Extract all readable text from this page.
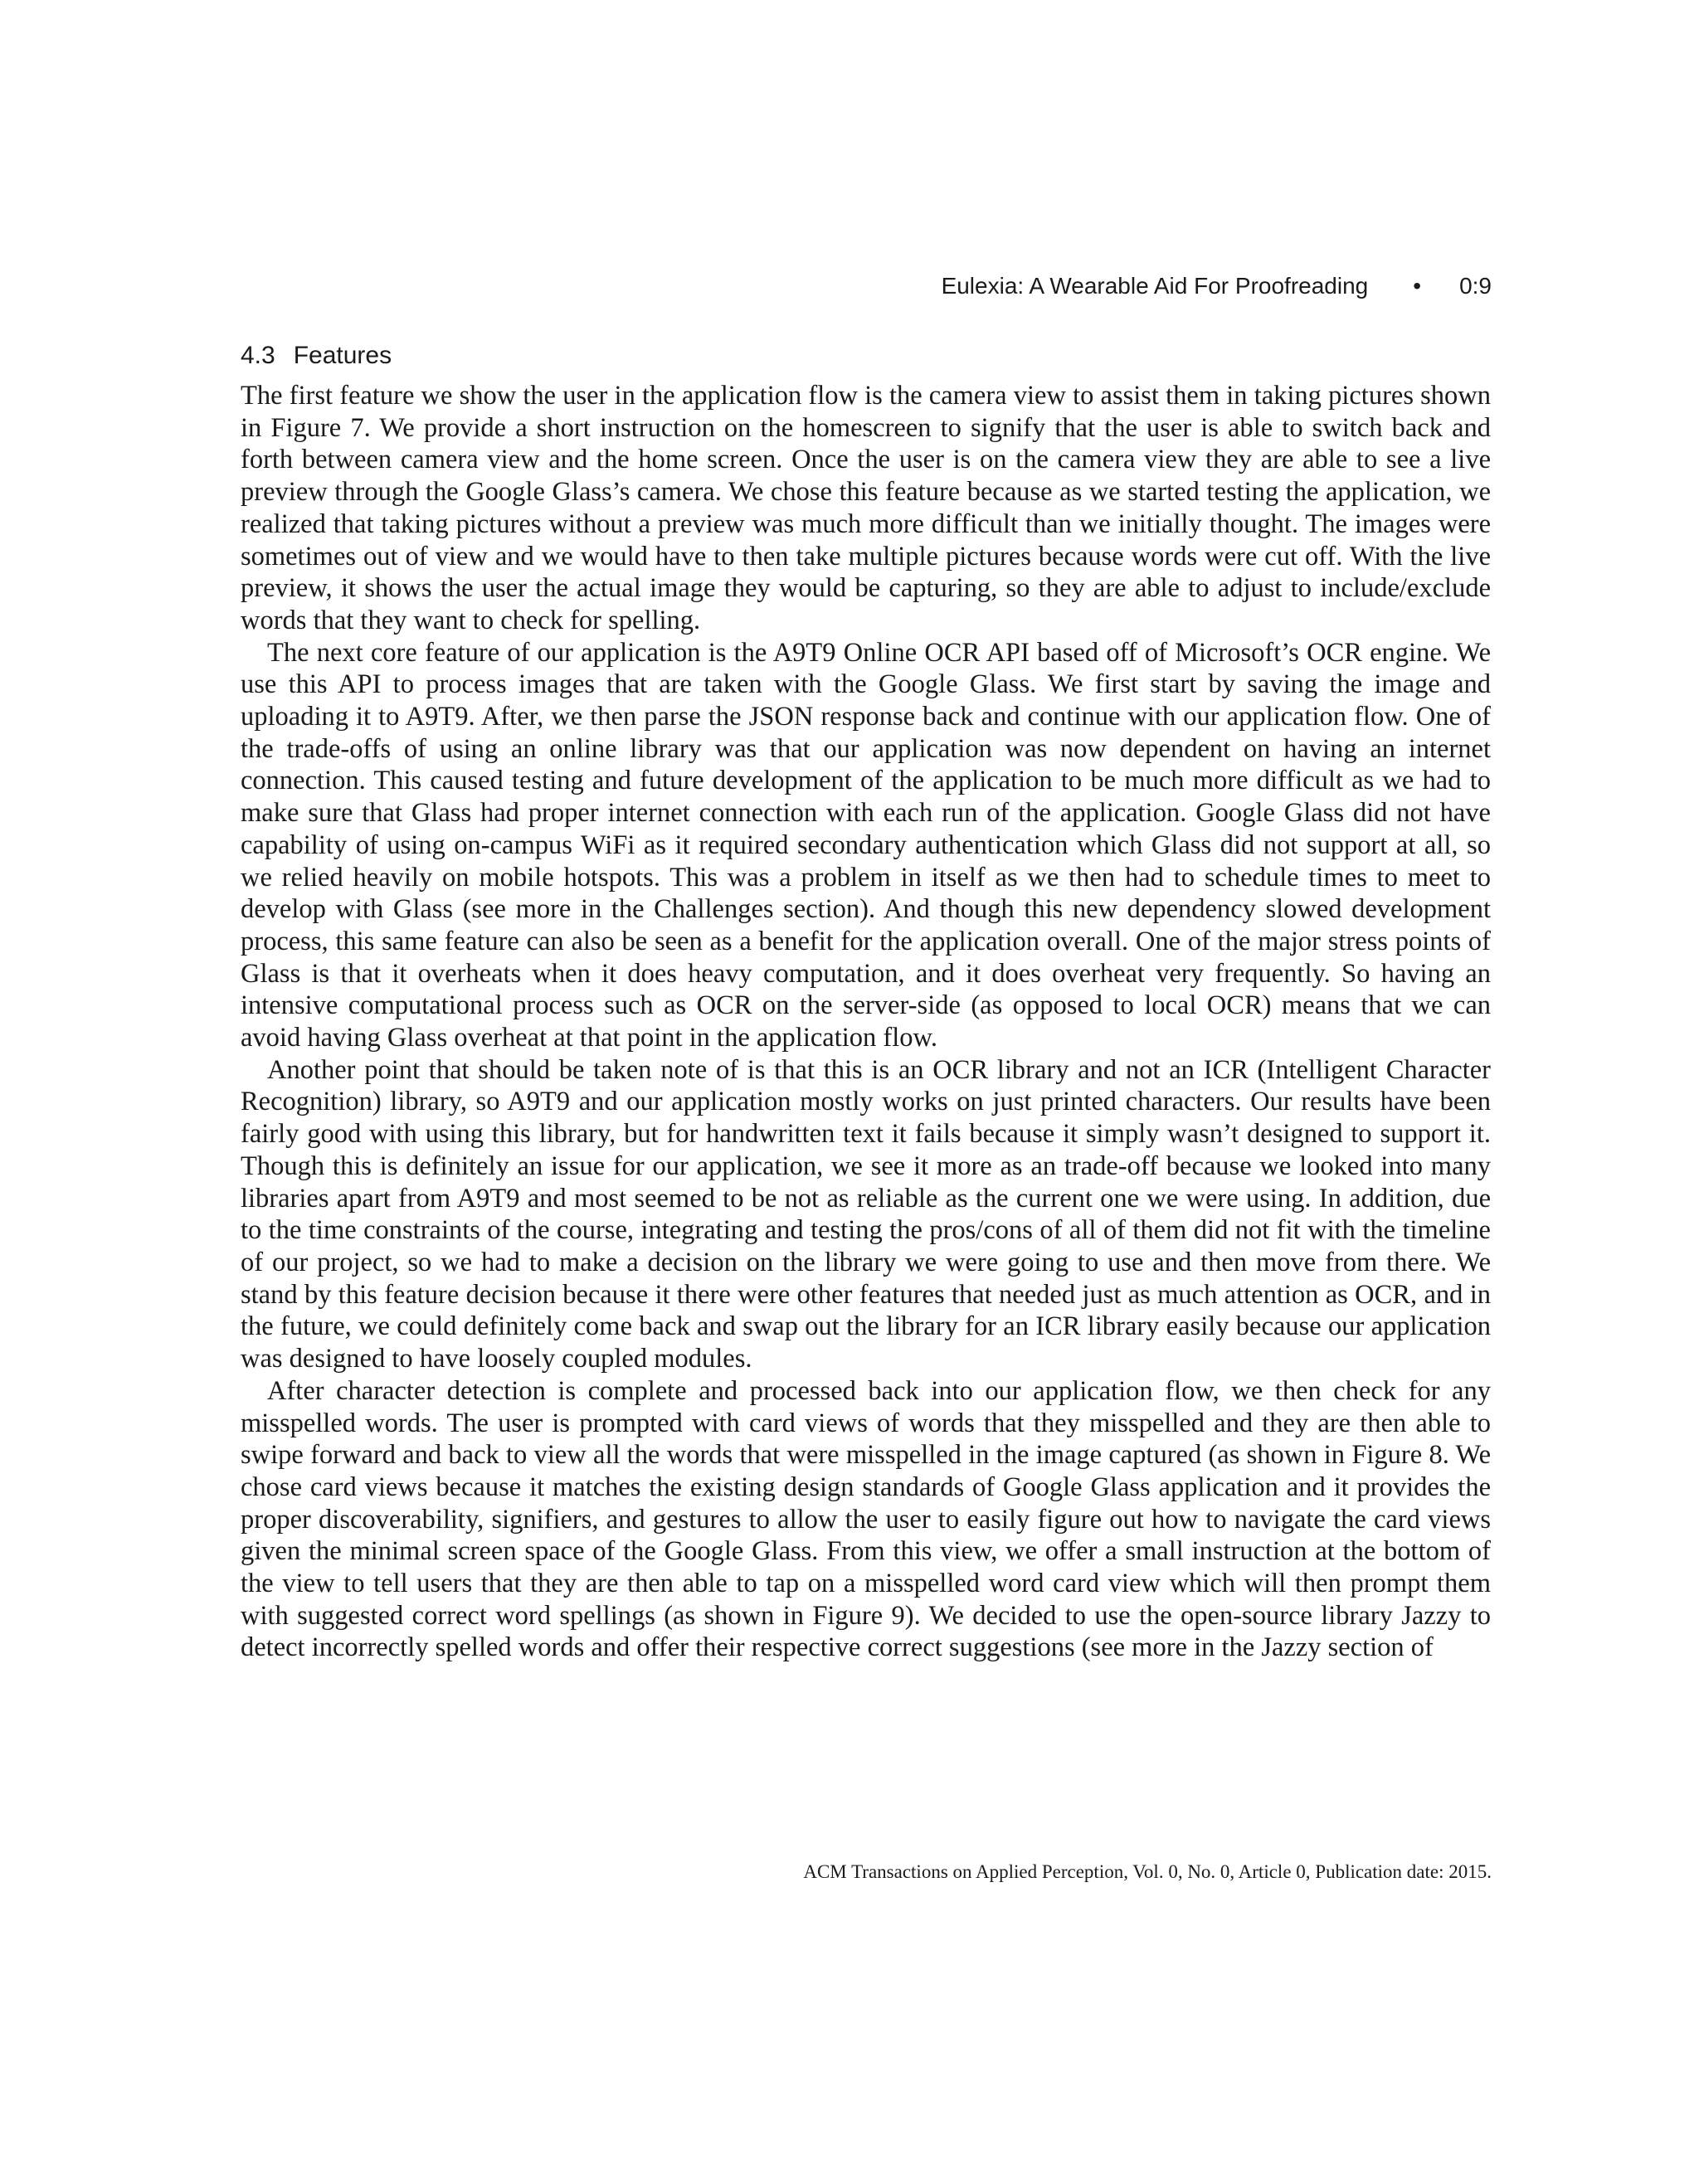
Eulexia: A Wearable Aid For Proofreading • 0:9
4.3 Features

The first feature we show the user in the application flow is the camera view to assist them in taking pictures shown in Figure 7. We provide a short instruction on the homescreen to signify that the user is able to switch back and forth between camera view and the home screen. Once the user is on the camera view they are able to see a live preview through the Google Glass’s camera. We chose this feature because as we started testing the application, we realized that taking pictures without a preview was much more difficult than we initially thought. The images were sometimes out of view and we would have to then take multiple pictures because words were cut off. With the live preview, it shows the user the actual image they would be capturing, so they are able to adjust to include/exclude words that they want to check for spelling.

The next core feature of our application is the A9T9 Online OCR API based off of Microsoft’s OCR engine. We use this API to process images that are taken with the Google Glass. We first start by saving the image and uploading it to A9T9. After, we then parse the JSON response back and continue with our application flow. One of the trade-offs of using an online library was that our application was now dependent on having an internet connection. This caused testing and future development of the application to be much more difficult as we had to make sure that Glass had proper internet connection with each run of the application. Google Glass did not have capability of using on-campus WiFi as it required secondary authentication which Glass did not support at all, so we relied heavily on mobile hotspots. This was a problem in itself as we then had to schedule times to meet to develop with Glass (see more in the Challenges section). And though this new dependency slowed development process, this same feature can also be seen as a benefit for the application overall. One of the major stress points of Glass is that it overheats when it does heavy computation, and it does overheat very frequently. So having an intensive computational process such as OCR on the server-side (as opposed to local OCR) means that we can avoid having Glass overheat at that point in the application flow.

Another point that should be taken note of is that this is an OCR library and not an ICR (Intelligent Character Recognition) library, so A9T9 and our application mostly works on just printed characters. Our results have been fairly good with using this library, but for handwritten text it fails because it simply wasn’t designed to support it. Though this is definitely an issue for our application, we see it more as an trade-off because we looked into many libraries apart from A9T9 and most seemed to be not as reliable as the current one we were using. In addition, due to the time constraints of the course, integrating and testing the pros/cons of all of them did not fit with the timeline of our project, so we had to make a decision on the library we were going to use and then move from there. We stand by this feature decision because it there were other features that needed just as much attention as OCR, and in the future, we could definitely come back and swap out the library for an ICR library easily because our application was designed to have loosely coupled modules.

After character detection is complete and processed back into our application flow, we then check for any misspelled words. The user is prompted with card views of words that they misspelled and they are then able to swipe forward and back to view all the words that were misspelled in the image captured (as shown in Figure 8. We chose card views because it matches the existing design standards of Google Glass application and it provides the proper discoverability, signifiers, and gestures to allow the user to easily figure out how to navigate the card views given the minimal screen space of the Google Glass. From this view, we offer a small instruction at the bottom of the view to tell users that they are then able to tap on a misspelled word card view which will then prompt them with suggested correct word spellings (as shown in Figure 9). We decided to use the open-source library Jazzy to detect incorrectly spelled words and offer their respective correct suggestions (see more in the Jazzy section of

ACM Transactions on Applied Perception, Vol. 0, No. 0, Article 0, Publication date: 2015.
